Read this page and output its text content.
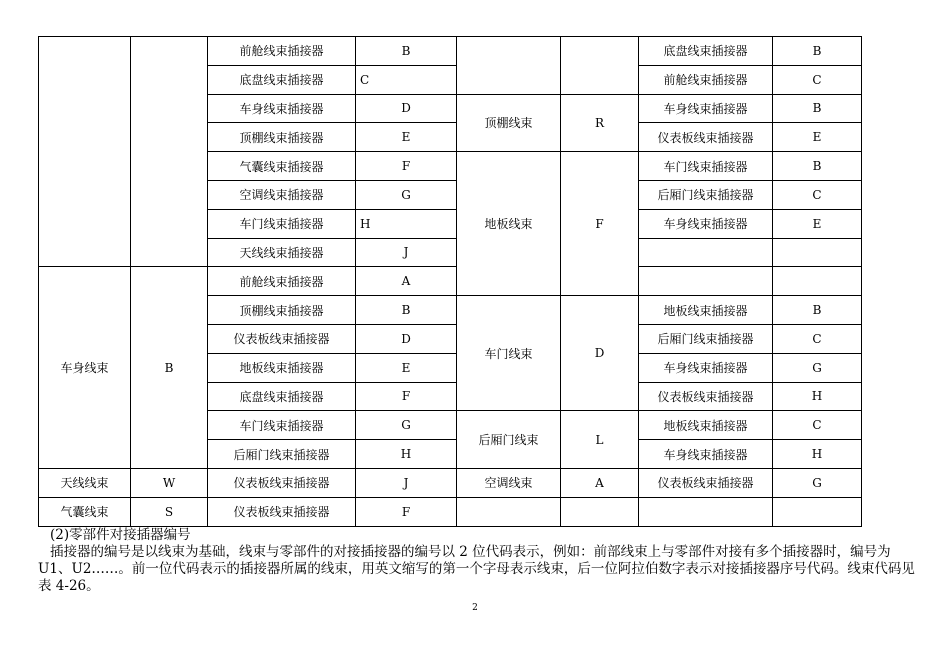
		前舱线束插接器	B			底盘线束插接器	B
		底盘线束插接器	C			前舱线束插接器	C
		车身线束插接器	D	顶棚线束	R	车身线束插接器	B
		顶棚线束插接器	E			仪表板线束插接器	E
		气囊线束插接器	F	地板线束	F	车门线束插接器	B
		空调线束插接器	G			后厢门线束插接器	C
		车门线束插接器	H			车身线束插接器	E
		天线线束插接器	J				
车身线束	B	前舱线束插接器	A				
		顶棚线束插接器	B	车门线束	D	地板线束插接器	B
		仪表板线束插接器	D			后厢门线束插接器	C
		地板线束插接器	E			车身线束插接器	G
		底盘线束插接器	F			仪表板线束插接器	H
		车门线束插接器	G	后厢门线束	L	地板线束插接器	C
		后厢门线束插接器	H			车身线束插接器	H
天线线束	W	仪表板线束插接器	J	空调线束	A	仪表板线束插接器	G
气囊线束	S	仪表板线束插接器	F				
(2)零部件对接插器编号
插接器的编号是以线束为基础，线束与零部件的对接插接器的编号以 2 位代码表示，例如：前部线束上与零部件对接有多个插接器时，编号为 U1、U2……。前一位代码表示的插接器所属的线束，用英文缩写的第一个字母表示线束，后一位阿拉伯数字表示对接插接器序号代码。线束代码见表 4-26。
2
